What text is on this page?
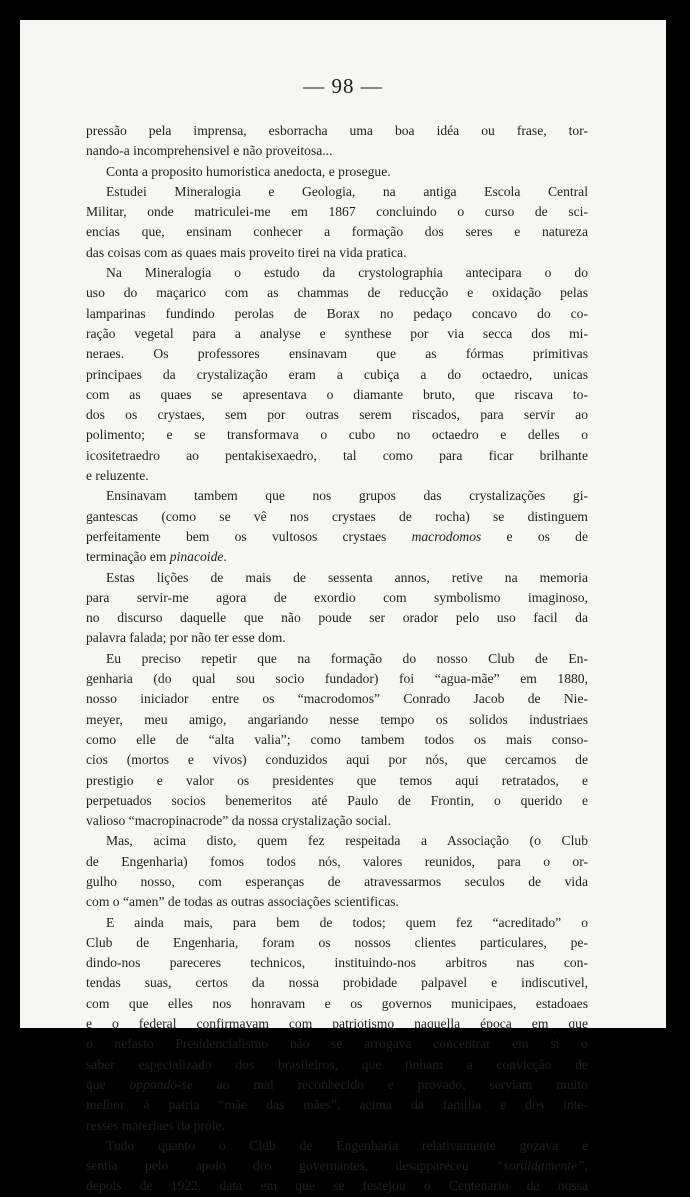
— 98 —
pressão pela imprensa, esborracha uma boa idéa ou frase, tor-
nando-a incomprehensivel e não proveitosa...
Conta a proposito humoristica anedocta, e prosegue.
Estudei Mineralogia e Geologia, na antiga Escola Central
Militar, onde matriculei-me em 1867 concluindo o curso de sci-
encias que, ensinam conhecer a formação dos seres e natureza
das coisas com as quaes mais proveito tirei na vida pratica.
Na Mineralogia o estudo da crystolographia antecipara o do
uso do maçarico com as chammas de reducção e oxidação pelas
lamparinas fundindo perolas de Borax no pedaço concavo do co-
ração vegetal para a analyse e synthese por via secca dos mi-
neraes. Os professores ensinavam que as fórmas primitivas
principaes da crystalização eram a cubiça a do octaedro, unicas
com as quaes se apresentava o diamante bruto, que riscava to-
dos os crystaes, sem por outras serem riscados, para servir ao
polimento; e se transformava o cubo no octaedro e delles o
icositetraedro ao pentakisexaedro, tal como para ficar brilhante
e reluzente.
Ensinavam tambem que nos grupos das crystalizações gi-
gantescas (como se vê nos crystaes de rocha) se distinguem
perfeitamente bem os vultosos crystaes macrodomos e os de
terminação em pinacoide.
Estas lições de mais de sessenta annos, retive na memoria
para servir-me agora de exordio com symbolismo imaginoso,
no discurso daquelle que não poude ser orador pelo uso facil da
palavra falada; por não ter esse dom.
Eu preciso repetir que na formação do nosso Club de En-
genharia (do qual sou socio fundador) foi “agua-mãe” em 1880,
nosso iniciador entre os “macrodomos” Conrado Jacob de Nie-
meyer, meu amigo, angariando nesse tempo os solidos industriaes
como elle de “alta valia”; como tambem todos os mais conso-
cios (mortos e vivos) conduzidos aqui por nós, que cercamos de
prestigio e valor os presidentes que temos aqui retratados, e
perpetuados socios benemeritos até Paulo de Frontin, o querido e
valioso “macropinacrode” da nossa crystalização social.
Mas, acima disto, quem fez respeitada a Associação (o Club
de Engenharia) fomos todos nós, valores reunidos, para o or-
gulho nosso, com esperanças de atravessarmos seculos de vida
com o “amen” de todas as outras associações scientificas.
E ainda mais, para bem de todos; quem fez “acreditado” o
Club de Engenharia, foram os nossos clientes particulares, pe-
dindo-nos pareceres technicos, instituindo-nos arbitros nas con-
tendas suas, certos da nossa probidade palpavel e indiscutivel,
com que elles nos honravam e os governos municipaes, estadoaes
e o federal confirmavam com patriotismo naquella época em que
o nefasto Presidencialismo não se arrogava concentrar em si o
saber especializado dos brasileiros, que tinham a convicção de
que oppondo-se ao mal reconhecido e provado, serviam muito
melhor á patria “mãe das mães”, acima da familia e dos inte-
resses materiaes da próle.
Tudo quanto o Club de Engenharia relativamente gozava e
sentia pelo apoio dos governantes, desappareceu “sordidamente”,
depois de 1922, data em que se festejou o Centenario da nossa
